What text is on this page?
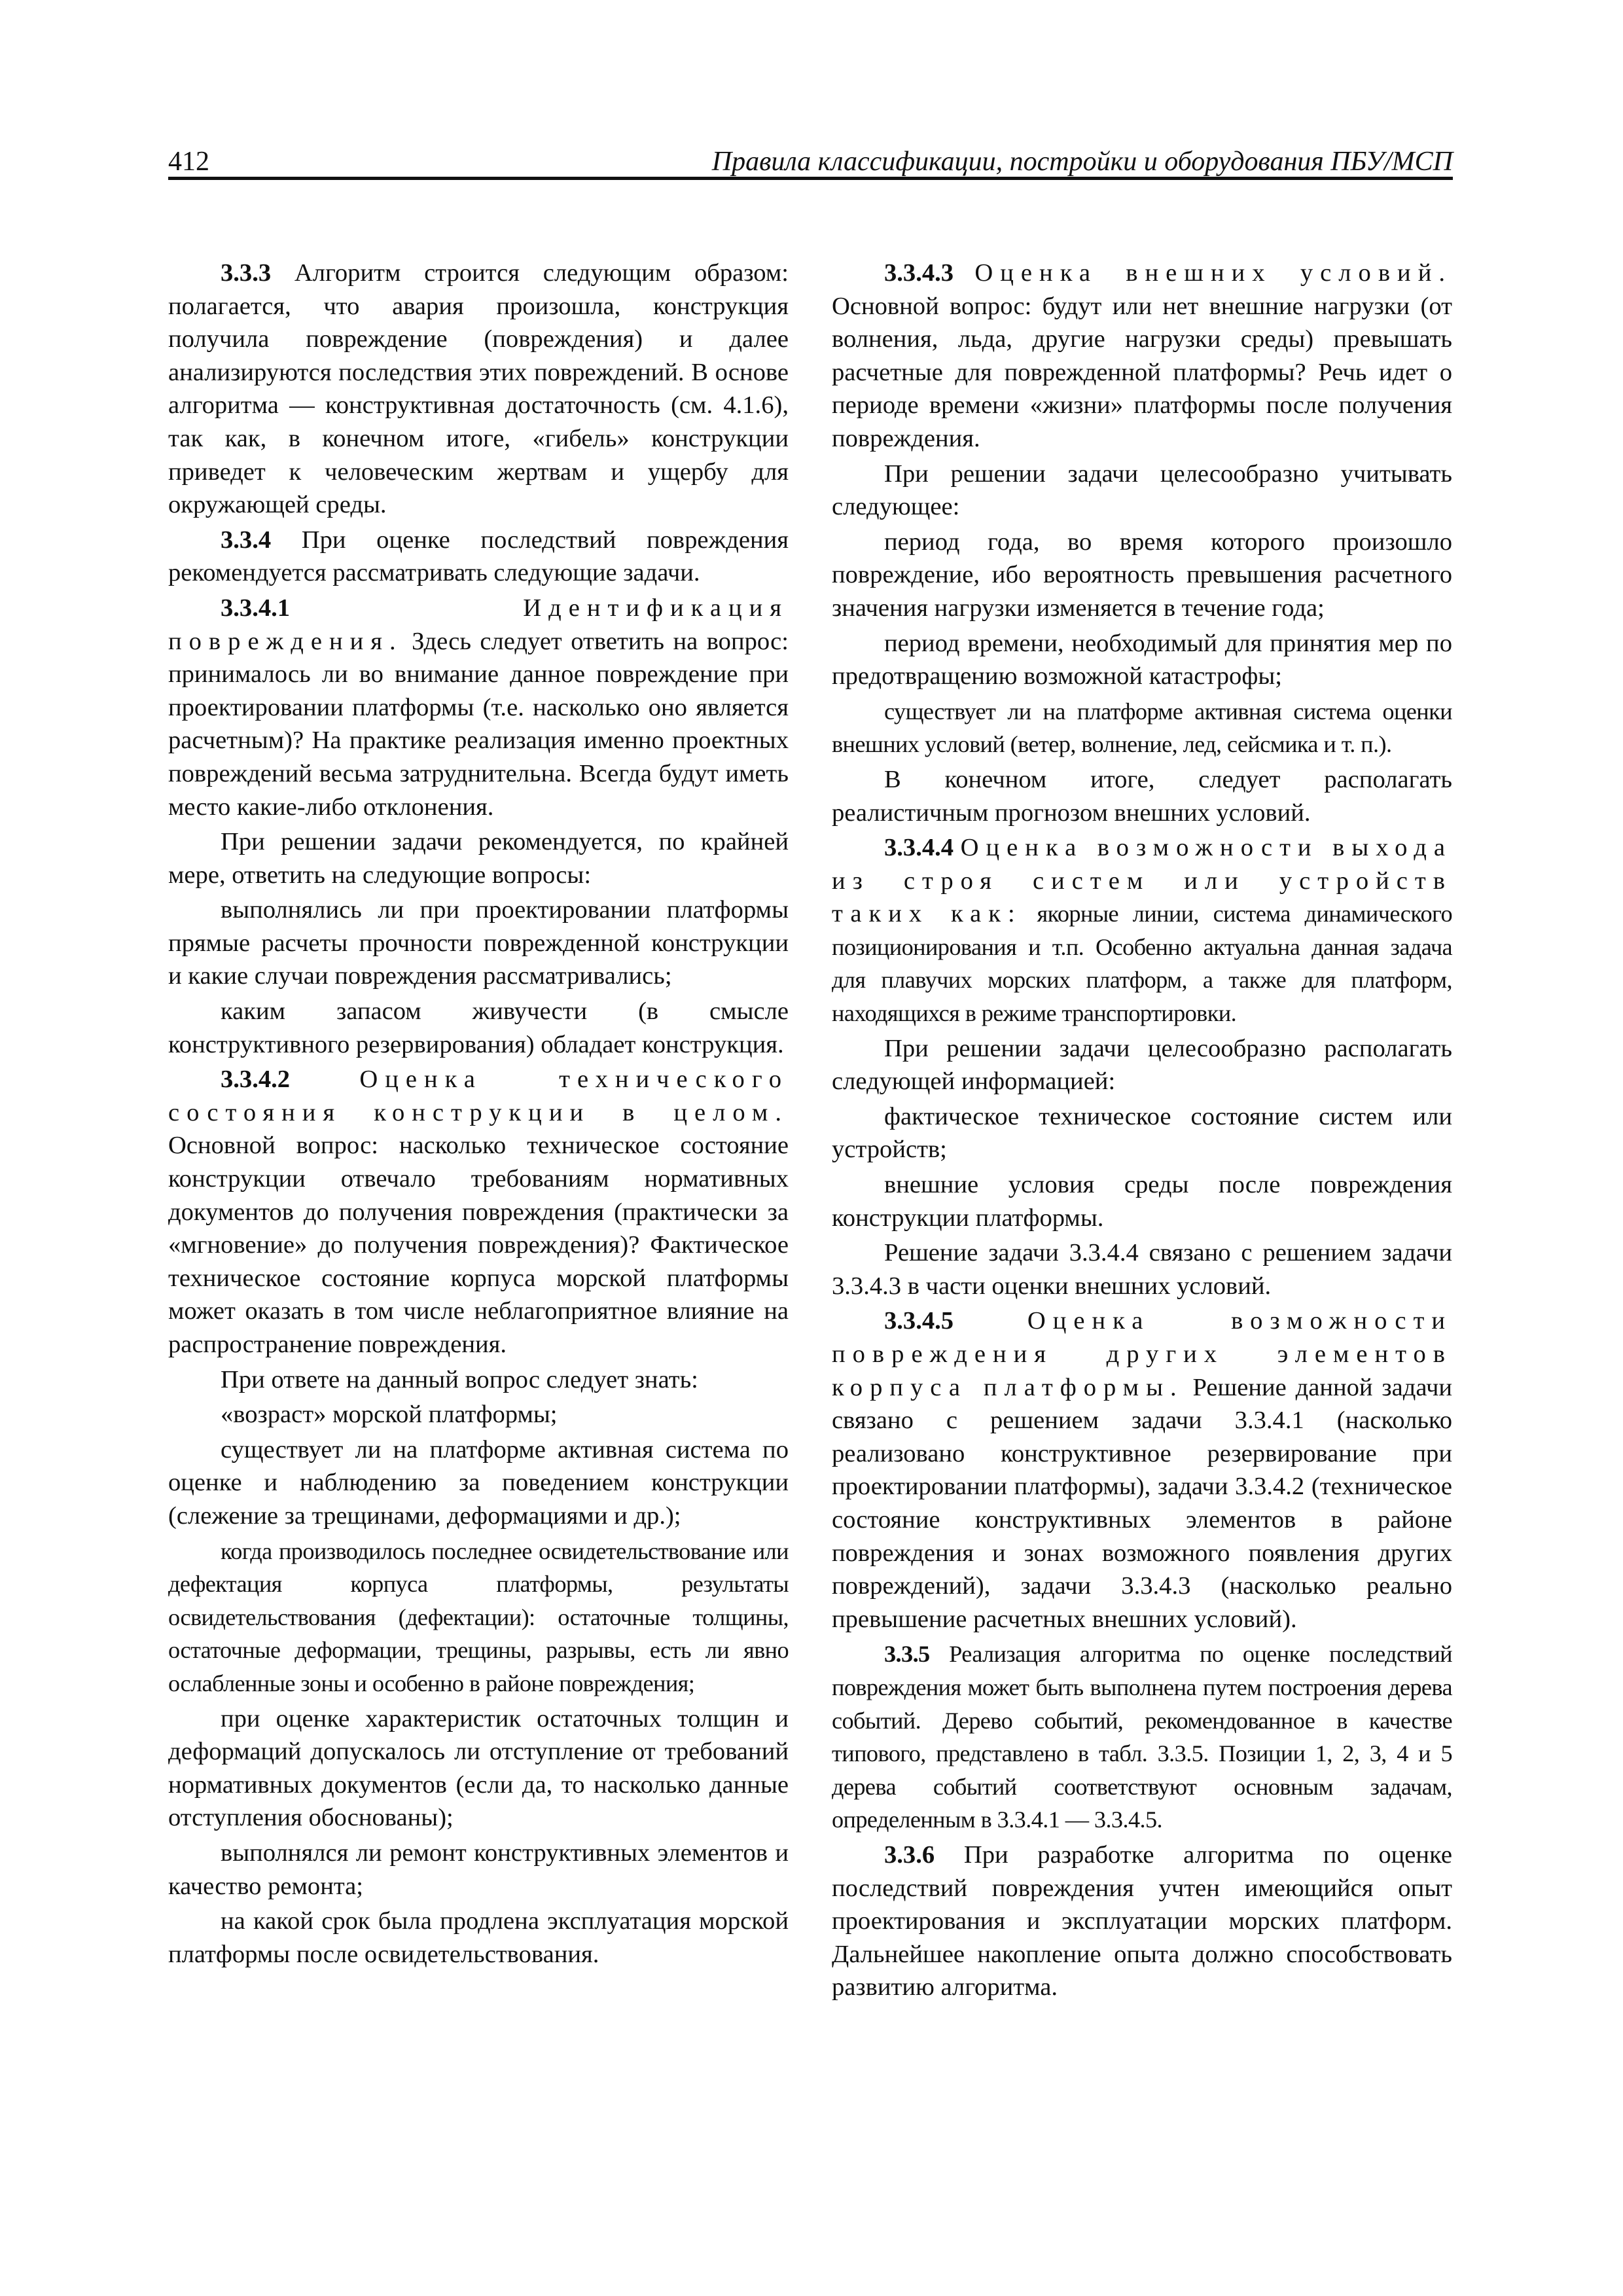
412	Правила классификации, постройки и оборудования ПБУ/МСП

3.3.3 Алгоритм строится следующим образом: полагается, что авария произошла, конструкция получила повреждение (повреждения) и далее анализируются последствия этих повреждений. В основе алгоритма — конструктивная достаточность (см. 4.1.6), так как, в конечном итоге, «гибель» конструкции приведет к человеческим жертвам и ущербу для окружающей среды.

3.3.4 При оценке последствий повреждения рекомендуется рассматривать следующие задачи.

3.3.4.1	Идентификация повреждения. Здесь следует ответить на вопрос: принималось ли во внимание данное повреждение при проектировании платформы (т.е. насколько оно является расчетным)? На практике реализация именно проектных повреждений весьма затруднительна. Всегда будут иметь место какие-либо отклонения.

При решении задачи рекомендуется, по крайней мере, ответить на следующие вопросы:

выполнялись ли при проектировании платформы прямые расчеты прочности поврежденной конструкции и какие случаи повреждения рассматривались;

каким запасом живучести (в смысле конструктивного резервирования) обладает конструкция.

3.3.4.2	Оценка технического состояния конструкции в целом. Основной вопрос: насколько техническое состояние конструкции отвечало требованиям нормативных документов до получения повреждения (практически за «мгновение» до получения повреждения)? Фактическое техническое состояние корпуса морской платформы может оказать в том числе неблагоприятное влияние на распространение повреждения.

При ответе на данный вопрос следует знать:

«возраст» морской платформы;

существует ли на платформе активная система по оценке и наблюдению за поведением конструкции (слежение за трещинами, деформациями и др.);

когда производилось последнее освидетельствование или дефектация корпуса платформы, результаты освидетельствования (дефектации): остаточные толщины, остаточные деформации, трещины, разрывы, есть ли явно ослабленные зоны и особенно в районе повреждения;

при оценке характеристик остаточных толщин и деформаций допускалось ли отступление от требований нормативных документов (если да, то насколько данные отступления обоснованы);

выполнялся ли ремонт конструктивных элементов и качество ремонта;

на какой срок была продлена эксплуатация морской платформы после освидетельствования.

3.3.4.3 Оценка внешних условий. Основной вопрос: будут или нет внешние нагрузки (от волнения, льда, другие нагрузки среды) превышать расчетные для поврежденной платформы? Речь идет о периоде времени «жизни» платформы после получения повреждения.

При решении задачи целесообразно учитывать следующее:

период года, во время которого произошло повреждение, ибо вероятность превышения расчетного значения нагрузки изменяется в течение года;

период времени, необходимый для принятия мер по предотвращению возможной катастрофы;

существует ли на платформе активная система оценки внешних условий (ветер, волнение, лед, сейсмика и т. п.).

В конечном итоге, следует располагать реалистичным прогнозом внешних условий.

3.3.4.4 Оценка возможности выхода из строя систем или устройств таких как: якорные линии, система динамического позиционирования и т.п. Особенно актуальна данная задача для плавучих морских платформ, а также для платформ, находящихся в режиме транспортировки.

При решении задачи целесообразно располагать следующей информацией:

фактическое техническое состояние систем или устройств;

внешние условия среды после повреждения конструкции платформы.

Решение задачи 3.3.4.4 связано с решением задачи 3.3.4.3 в части оценки внешних условий.

3.3.4.5	Оценка возможности повреждения других элементов корпуса платформы. Решение данной задачи связано с решением задачи 3.3.4.1 (насколько реализовано конструктивное резервирование при проектировании платформы), задачи 3.3.4.2 (техническое состояние конструктивных элементов в районе повреждения и зонах возможного появления других повреждений), задачи 3.3.4.3 (насколько реально превышение расчетных внешних условий).

3.3.5 Реализация алгоритма по оценке последствий повреждения может быть выполнена путем построения дерева событий. Дерево событий, рекомендованное в качестве типового, представлено в табл. 3.3.5. Позиции 1, 2, 3, 4 и 5 дерева событий соответствуют основным задачам, определенным в 3.3.4.1 — 3.3.4.5.

3.3.6 При разработке алгоритма по оценке последствий повреждения учтен имеющийся опыт проектирования и эксплуатации морских платформ. Дальнейшее накопление опыта должно способствовать развитию алгоритма.
